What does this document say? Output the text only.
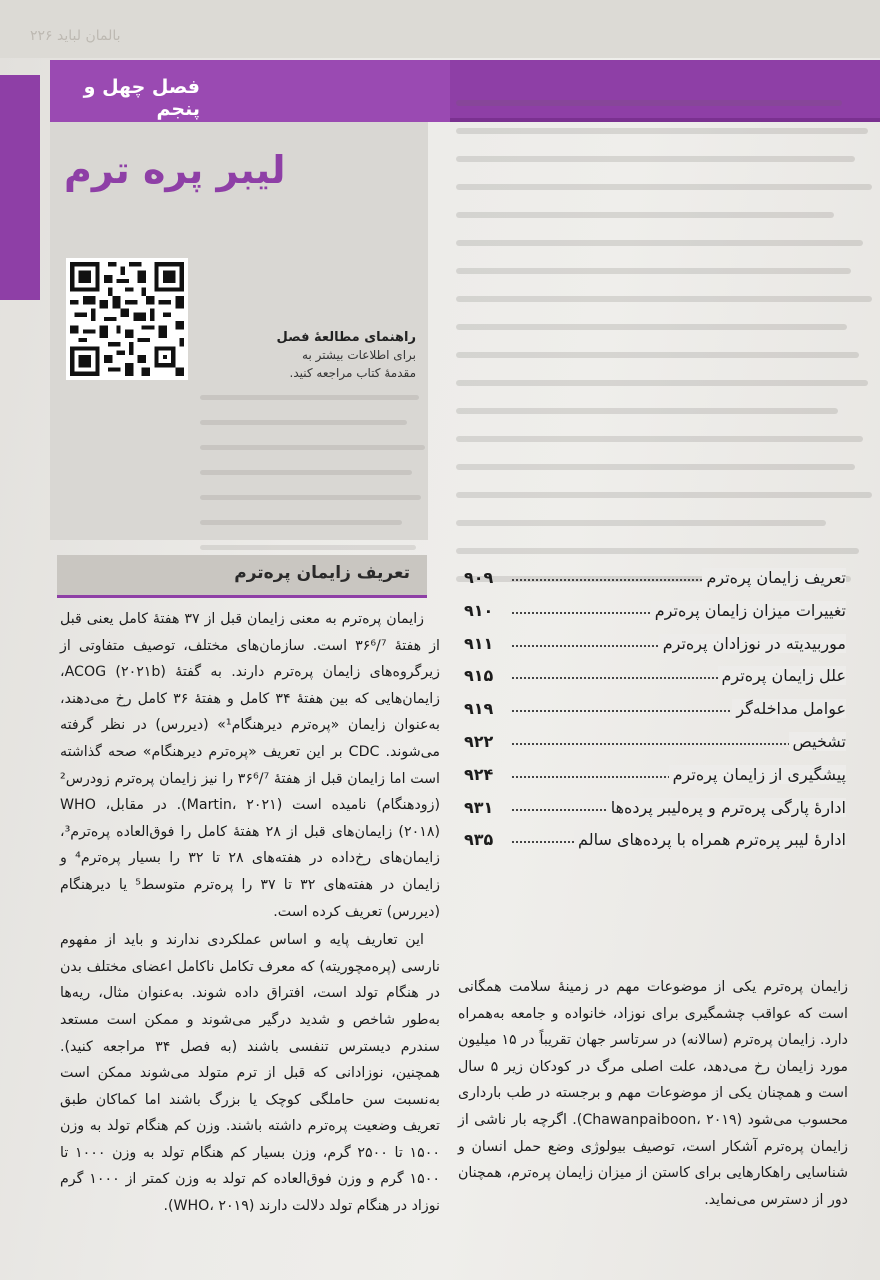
بالمان لباید ۲۲۶
فصل چهل و پنجم
لیبر پره ترم
راهنمای مطالعهٔ فصل
برای اطلاعات بیشتر به
مقدمهٔ کتاب مراجعه کنید.
تعریف زایمان پره‌ترم

زایمان پره‌ترم به معنی زایمان قبل از ۳۷ هفتهٔ کامل یعنی قبل از هفتهٔ ۳۶⁶/⁷ است. سازمان‌های مختلف، توصیف متفاوتی از زیرگروه‌های زایمان پره‌ترم دارند. به گفتهٔ ACOG (۲۰۲۱b)، زایمان‌هایی که بین هفتهٔ ۳۴ کامل و هفتهٔ ۳۶ کامل رخ می‌دهند، به‌عنوان زایمان «پره‌ترم دیرهنگام¹» (دیررس) در نظر گرفته می‌شوند. CDC بر این تعریف «پره‌ترم دیرهنگام» صحه گذاشته است اما زایمان قبل از هفتهٔ ۳۶⁶/⁷ را نیز زایمان پره‌ترم زودرس² (زودهنگام) نامیده است (Martin، ۲۰۲۱). در مقابل، WHO (۲۰۱۸) زایمان‌های قبل از ۲۸ هفتهٔ کامل را فوق‌العاده پره‌ترم³، زایمان‌های رخ‌داده در هفته‌های ۲۸ تا ۳۲ را بسیار پره‌ترم⁴ و زایمان در هفته‌های ۳۲ تا ۳۷ را پره‌ترم متوسط⁵ یا دیرهنگام (دیررس) تعریف کرده است.

این تعاریف پایه و اساس عملکردی ندارند و باید از مفهوم نارسی (پره‌مچوریته) که معرف تکامل ناکامل اعضای مختلف بدن در هنگام تولد است، افتراق داده شوند. به‌عنوان مثال، ریه‌ها به‌طور شاخص و شدید درگیر می‌شوند و ممکن است مستعد سندرم دیسترس تنفسی باشند (به فصل ۳۴ مراجعه کنید). همچنین، نوزادانی که قبل از ترم متولد می‌شوند ممکن است به‌نسبت سن حاملگی کوچک یا بزرگ باشند اما کماکان طبق تعریف وضعیت پره‌ترم داشته باشند. وزن کم هنگام تولد به وزن ۱۵۰۰ تا ۲۵۰۰ گرم، وزن بسیار کم هنگام تولد به وزن ۱۰۰۰ تا ۱۵۰۰ گرم و وزن فوق‌العاده کم تولد به وزن کمتر از ۱۰۰۰ گرم نوزاد در هنگام تولد دلالت دارند (WHO، ۲۰۱۹).

تعریف زایمان پره‌ترم
۹۰۹
تغییرات میزان زایمان پره‌ترم
۹۱۰
موربیدیته در نوزادان پره‌ترم
۹۱۱
علل زایمان پره‌ترم
۹۱۵
عوامل مداخله‌گر
۹۱۹
تشخیص
۹۲۲
پیشگیری از زایمان پره‌ترم
۹۲۴
ادارهٔ پارگی پره‌ترم و پره‌لیبر پرده‌ها
۹۳۱
ادارهٔ لیبر پره‌ترم همراه با پرده‌های سالم
۹۳۵

زایمان پره‌ترم یکی از موضوعات مهم در زمینهٔ سلامت همگانی است که عواقب چشمگیری برای نوزاد، خانواده و جامعه به‌همراه دارد. زایمان پره‌ترم (سالانه) در سرتاسر جهان تقریباً در ۱۵ میلیون مورد زایمان رخ می‌دهد، علت اصلی مرگ در کودکان زیر ۵ سال است و همچنان یکی از موضوعات مهم و برجسته در طب بارداری محسوب می‌شود (Chawanpaiboon، ۲۰۱۹). اگرچه بار ناشی از زایمان پره‌ترم آشکار است، توصیف بیولوژی وضع حمل انسان و شناسایی راهکارهایی برای کاستن از میزان زایمان پره‌ترم، همچنان دور از دسترس می‌نماید.
